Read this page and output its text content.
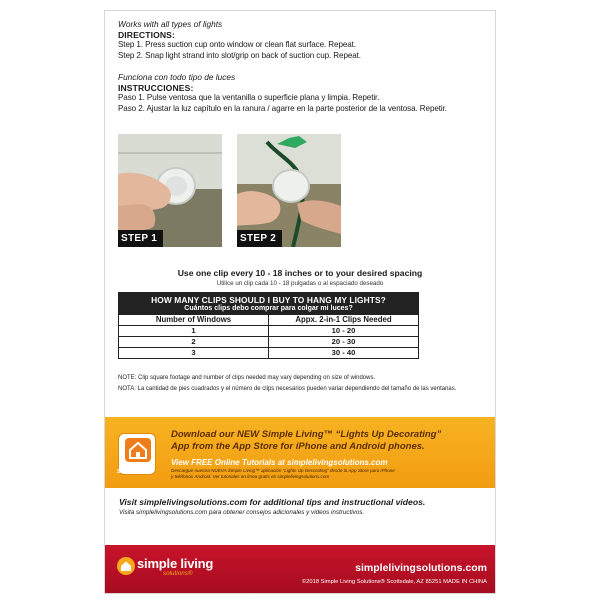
Works with all types of lights
DIRECTIONS:
Step 1. Press suction cup onto window or clean flat surface. Repeat.
Step 2. Snap light strand into slot/grip on back of suction cup. Repeat.
Funciona con todo tipo de luces
INSTRUCCIONES:
Paso 1. Pulse ventosa que la ventanilla o superficie plana y limpia. Repetir.
Paso 2. Ajustar la luz capítulo en la ranura / agarre en la parte posterior de la ventosa. Repetir.
STEP 1	STEP 2
Use one clip every 10 - 18 inches or to your desired spacing
Utilice un clip cada 10 - 18 pulgadas o al espaciado deseado
HOW MANY CLIPS SHOULD I BUY TO HANG MY LIGHTS?
Cuántos clips debo comprar para colgar mi luces?
Number of Windows	Appx. 2-in-1 Clips Needed
1	10 - 20
2	20 - 30
3	30 - 40
NOTE: Clip square footage and number of clips needed may vary depending on size of windows.
NOTA: La cantidad de pies cuadrados y el número de clips necesarios pueden variar dependiendo del tamaño de las ventanas.
Simple Living™
Download our NEW Simple Living™ “Lights Up Decorating”
App from the App Store for iPhone and Android phones.
View FREE Online Tutorials at simplelivingsolutions.com
Descargue nuestra NUEVA Simple Living™ aplicación “Lights Up Decorating” desde la App Store para iPhone
y teléfonos Android. Ver tutoriales en línea gratis en simplelivingsolutions.com
Visit simplelivingsolutions.com for additional tips and instructional videos.
Visita simplelivingsolutions.com para obtener consejos adicionales y videos instructivos.
simple living
solutions®	simplelivingsolutions.com
©2018 Simple Living Solutions® Scottsdale, AZ 85251 MADE IN CHINA
